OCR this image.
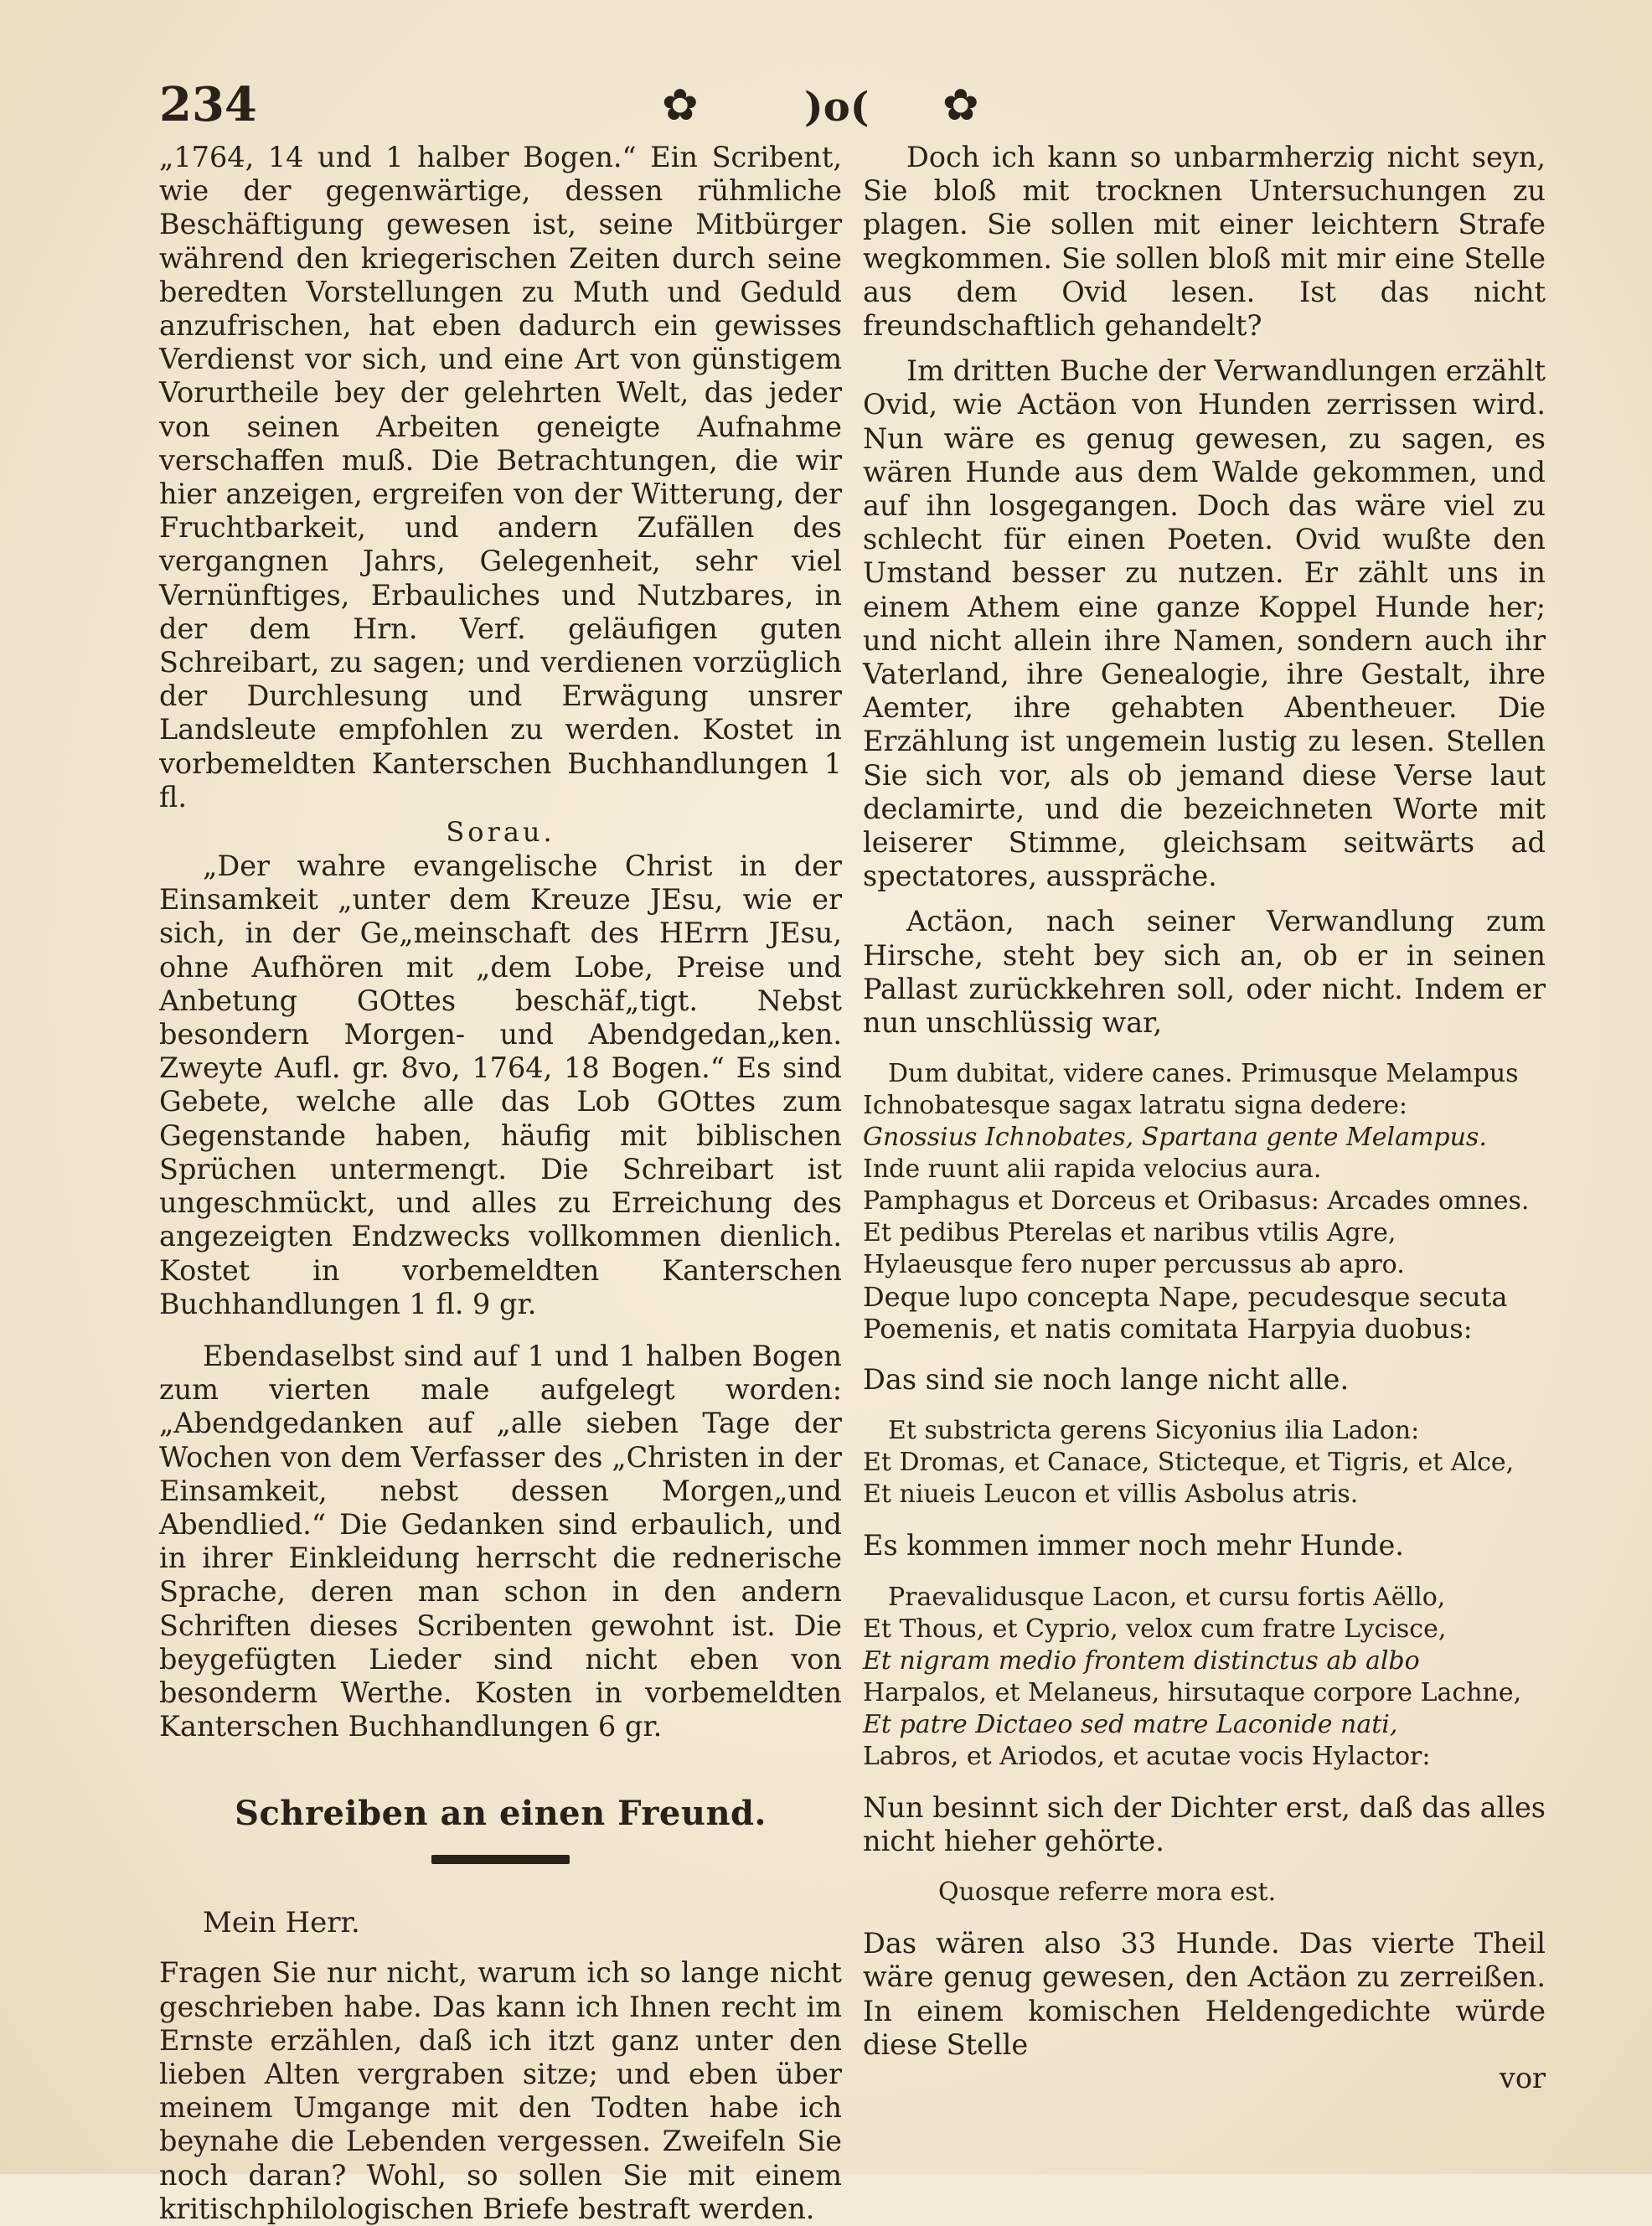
234	✿	)o( ✿

„1764, 14 und 1 halber Bogen.“ Ein Scribent, wie der gegenwärtige, dessen rühmliche Beschäftigung gewesen ist, seine Mitbürger während den kriegerischen Zeiten durch seine beredten Vorstellungen zu Muth und Geduld anzufrischen, hat eben dadurch ein gewisses Verdienst vor sich, und eine Art von günstigem Vorurtheile bey der gelehrten Welt, das jeder von seinen Arbeiten geneigte Aufnahme verschaffen muß. Die Betrachtungen, die wir hier anzeigen, ergreifen von der Witterung, der Fruchtbarkeit, und andern Zufällen des vergangnen Jahrs, Gelegenheit, sehr viel Vernünftiges, Erbauliches und Nutzbares, in der dem Hrn. Verf. geläufigen guten Schreibart, zu sagen; und verdienen vorzüglich der Durchlesung und Erwägung unsrer Landsleute empfohlen zu werden. Kostet in vorbemeldten Kanterschen Buchhandlungen 1 fl.

Sorau.

„Der wahre evangelische Christ in der Einsamkeit „unter dem Kreuze JEsu, wie er sich, in der Ge„meinschaft des HErrn JEsu, ohne Aufhören mit „dem Lobe, Preise und Anbetung GOttes beschäf„tigt. Nebst besondern Morgen- und Abendgedan„ken. Zweyte Aufl. gr. 8vo, 1764, 18 Bogen.“ Es sind Gebete, welche alle das Lob GOttes zum Gegenstande haben, häufig mit biblischen Sprüchen untermengt. Die Schreibart ist ungeschmückt, und alles zu Erreichung des angezeigten Endzwecks vollkommen dienlich. Kostet in vorbemeldten Kanterschen Buchhandlungen 1 fl. 9 gr.

Ebendaselbst sind auf 1 und 1 halben Bogen zum vierten male aufgelegt worden: „Abendgedanken auf „alle sieben Tage der Wochen von dem Verfasser des „Christen in der Einsamkeit, nebst dessen Morgen„und Abendlied.“ Die Gedanken sind erbaulich, und in ihrer Einkleidung herrscht die rednerische Sprache, deren man schon in den andern Schriften dieses Scribenten gewohnt ist. Die beygefügten Lieder sind nicht eben von besonderm Werthe. Kosten in vorbemeldten Kanterschen Buchhandlungen 6 gr.

Schreiben an einen Freund.

Mein Herr.

Fragen Sie nur nicht, warum ich so lange nicht geschrieben habe. Das kann ich Ihnen recht im Ernste erzählen, daß ich itzt ganz unter den lieben Alten vergraben sitze; und eben über meinem Umgange mit den Todten habe ich beynahe die Lebenden vergessen. Zweifeln Sie noch daran? Wohl, so sollen Sie mit einem kritischphilologischen Briefe bestraft werden.

Doch ich kann so unbarmherzig nicht seyn, Sie bloß mit trocknen Untersuchungen zu plagen. Sie sollen mit einer leichtern Strafe wegkommen. Sie sollen bloß mit mir eine Stelle aus dem Ovid lesen. Ist das nicht freundschaftlich gehandelt?

Im dritten Buche der Verwandlungen erzählt Ovid, wie Actäon von Hunden zerrissen wird. Nun wäre es genug gewesen, zu sagen, es wären Hunde aus dem Walde gekommen, und auf ihn losgegangen. Doch das wäre viel zu schlecht für einen Poeten. Ovid wußte den Umstand besser zu nutzen. Er zählt uns in einem Athem eine ganze Koppel Hunde her; und nicht allein ihre Namen, sondern auch ihr Vaterland, ihre Genealogie, ihre Gestalt, ihre Aemter, ihre gehabten Abentheuer. Die Erzählung ist ungemein lustig zu lesen. Stellen Sie sich vor, als ob jemand diese Verse laut declamirte, und die bezeichneten Worte mit leiserer Stimme, gleichsam seitwärts ad spectatores, ausspräche.

Actäon, nach seiner Verwandlung zum Hirsche, steht bey sich an, ob er in seinen Pallast zurückkehren soll, oder nicht. Indem er nun unschlüssig war,

Dum dubitat, videre canes. Primusque Melampus
Ichnobatesque sagax latratu signa dedere:
Gnossius Ichnobates, Spartana gente Melampus.
Inde ruunt alii rapida velocius aura.
Pamphagus et Dorceus et Oribasus: Arcades omnes.
Et pedibus Pterelas et naribus vtilis Agre,
Hylaeusque fero nuper percussus ab apro.
Deque lupo concepta Nape, pecudesque secuta
Poemenis, et natis comitata Harpyia duobus:

Das sind sie noch lange nicht alle.

Et substricta gerens Sicyonius ilia Ladon:
Et Dromas, et Canace, Sticteque, et Tigris, et Alce,
Et niueis Leucon et villis Asbolus atris.

Es kommen immer noch mehr Hunde.

Praevalidusque Lacon, et cursu fortis Aëllo,
Et Thous, et Cyprio, velox cum fratre Lycisce,
Et nigram medio frontem distinctus ab albo
Harpalos, et Melaneus, hirsutaque corpore Lachne,
Et patre Dictaeo sed matre Laconide nati,
Labros, et Ariodos, et acutae vocis Hylactor:

Nun besinnt sich der Dichter erst, daß das alles nicht hieher gehörte.

Quosque referre mora est.

Das wären also 33 Hunde. Das vierte Theil wäre genug gewesen, den Actäon zu zerreißen. In einem komischen Heldengedichte würde diese Stelle

vor
